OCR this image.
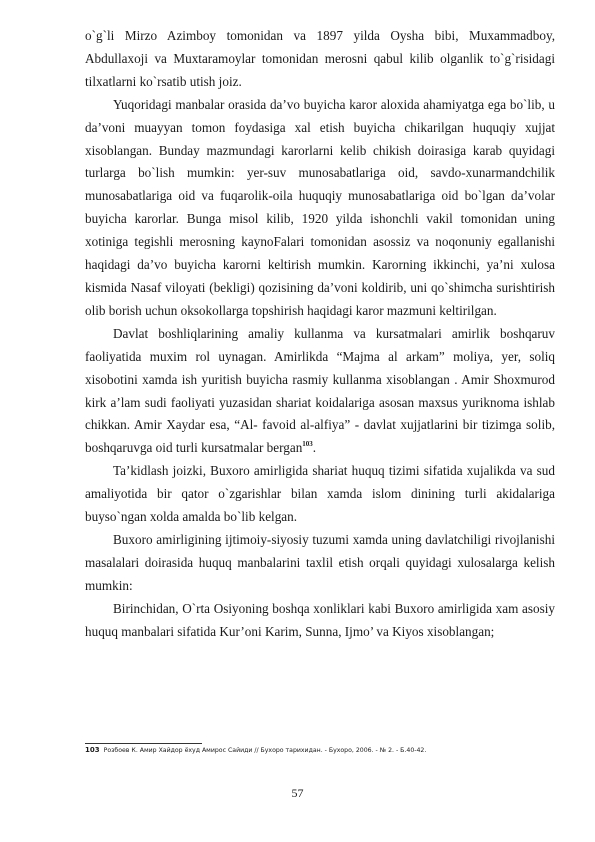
o`g`li Mirzo Azimboy tomonidan va 1897 yilda Oysha bibi, Muxammadboy, Abdullaxoji va Muxtaramoylar tomonidan merosni qabul kilib olganlik to`g`risidagi tilxatlarni ko`rsatib utish joiz.

Yuqoridagi manbalar orasida da’vo buyicha karor aloxida ahamiyatga ega bo`lib, u da’voni muayyan tomon foydasiga xal etish buyicha chikarilgan huquqiy xujjat xisoblangan. Bunday mazmundagi karorlarni kelib chikish doirasiga karab quyidagi turlarga bo`lish mumkin: yer-suv munosabatlariga oid, savdo-xunarmandchilik munosabatlariga oid va fuqarolik-oila huquqiy munosabatlariga oid bo`lgan da’volar buyicha karorlar. Bunga misol kilib, 1920 yilda ishonchli vakil tomonidan uning xotiniga tegishli merosning kaynoFalari tomonidan asossiz va noqonuniy egallanishi haqidagi da’vo buyicha karorni keltirish mumkin. Karorning ikkinchi, ya’ni xulosa kismida Nasaf viloyati (bekligi) qozisining da’voni koldirib, uni qo`shimcha surishtirish olib borish uchun oksokollarga topshirish haqidagi karor mazmuni keltirilgan.

Davlat boshliqlarining amaliy kullanma va kursatmalari amirlik boshqaruv faoliyatida muxim rol uynagan. Amirlikda “Majma al arkam” moliya, yer, soliq xisobotini xamda ish yuritish buyicha rasmiy kullanma xisoblangan . Amir Shoxmurod kirk a’lam sudi faoliyati yuzasidan shariat koidalariga asosan maxsus yuriknoma ishlab chikkan. Amir Xaydar esa, “Al- favoid al-alfiya” - davlat xujjatlarini bir tizimga solib, boshqaruvga oid turli kursatmalar bergan$^{103}$.

Ta’kidlash joizki, Buxoro amirligida shariat huquq tizimi sifatida xujalikda va sud amaliyotida bir qator o`zgarishlar bilan xamda islom dinining turli akidalariga buyso`ngan xolda amalda bo`lib kelgan.

Buxoro amirligining ijtimoiy-siyosiy tuzumi xamda uning davlatchiligi rivojlanishi masalalari doirasida huquq manbalarini taxlil etish orqali quyidagi xulosalarga kelish mumkin:

Birinchidan, O`rta Osiyoning boshqa xonliklari kabi Buxoro amirligida xam asosiy huquq manbalari sifatida Kur’oni Karim, Sunna, Ijmo’ va Kiyos xisoblangan;

103 Розбоев К. Амир Хайдор ёхуд Амирос Сайиди // Бухоро тарихидан. - Бухоро, 2006. - № 2. - Б.40-42.
57
